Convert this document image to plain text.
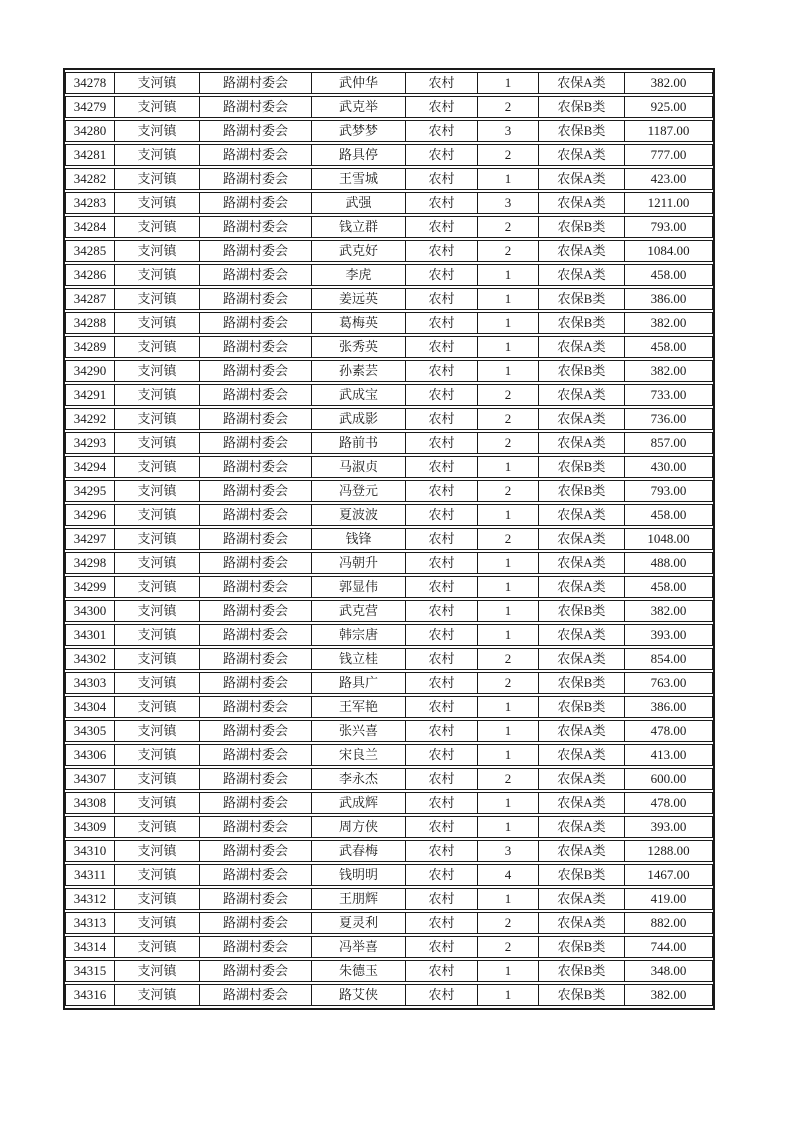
34278	支河镇	路湖村委会	武仲华	农村	1	农保A类	382.00
34279	支河镇	路湖村委会	武克举	农村	2	农保B类	925.00
34280	支河镇	路湖村委会	武梦梦	农村	3	农保B类	1187.00
34281	支河镇	路湖村委会	路具停	农村	2	农保A类	777.00
34282	支河镇	路湖村委会	王雪城	农村	1	农保A类	423.00
34283	支河镇	路湖村委会	武强	农村	3	农保A类	1211.00
34284	支河镇	路湖村委会	钱立群	农村	2	农保B类	793.00
34285	支河镇	路湖村委会	武克好	农村	2	农保A类	1084.00
34286	支河镇	路湖村委会	李虎	农村	1	农保A类	458.00
34287	支河镇	路湖村委会	姜远英	农村	1	农保B类	386.00
34288	支河镇	路湖村委会	葛梅英	农村	1	农保B类	382.00
34289	支河镇	路湖村委会	张秀英	农村	1	农保A类	458.00
34290	支河镇	路湖村委会	孙素芸	农村	1	农保B类	382.00
34291	支河镇	路湖村委会	武成宝	农村	2	农保A类	733.00
34292	支河镇	路湖村委会	武成影	农村	2	农保A类	736.00
34293	支河镇	路湖村委会	路前书	农村	2	农保A类	857.00
34294	支河镇	路湖村委会	马淑贞	农村	1	农保B类	430.00
34295	支河镇	路湖村委会	冯登元	农村	2	农保B类	793.00
34296	支河镇	路湖村委会	夏波波	农村	1	农保A类	458.00
34297	支河镇	路湖村委会	钱锋	农村	2	农保A类	1048.00
34298	支河镇	路湖村委会	冯朝升	农村	1	农保A类	488.00
34299	支河镇	路湖村委会	郭显伟	农村	1	农保A类	458.00
34300	支河镇	路湖村委会	武克营	农村	1	农保B类	382.00
34301	支河镇	路湖村委会	韩宗唐	农村	1	农保A类	393.00
34302	支河镇	路湖村委会	钱立桂	农村	2	农保A类	854.00
34303	支河镇	路湖村委会	路具广	农村	2	农保B类	763.00
34304	支河镇	路湖村委会	王军艳	农村	1	农保B类	386.00
34305	支河镇	路湖村委会	张兴喜	农村	1	农保A类	478.00
34306	支河镇	路湖村委会	宋良兰	农村	1	农保A类	413.00
34307	支河镇	路湖村委会	李永杰	农村	2	农保A类	600.00
34308	支河镇	路湖村委会	武成辉	农村	1	农保A类	478.00
34309	支河镇	路湖村委会	周方侠	农村	1	农保A类	393.00
34310	支河镇	路湖村委会	武春梅	农村	3	农保A类	1288.00
34311	支河镇	路湖村委会	钱明明	农村	4	农保B类	1467.00
34312	支河镇	路湖村委会	王朋辉	农村	1	农保A类	419.00
34313	支河镇	路湖村委会	夏灵利	农村	2	农保A类	882.00
34314	支河镇	路湖村委会	冯举喜	农村	2	农保B类	744.00
34315	支河镇	路湖村委会	朱德玉	农村	1	农保B类	348.00
34316	支河镇	路湖村委会	路艾侠	农村	1	农保B类	382.00
